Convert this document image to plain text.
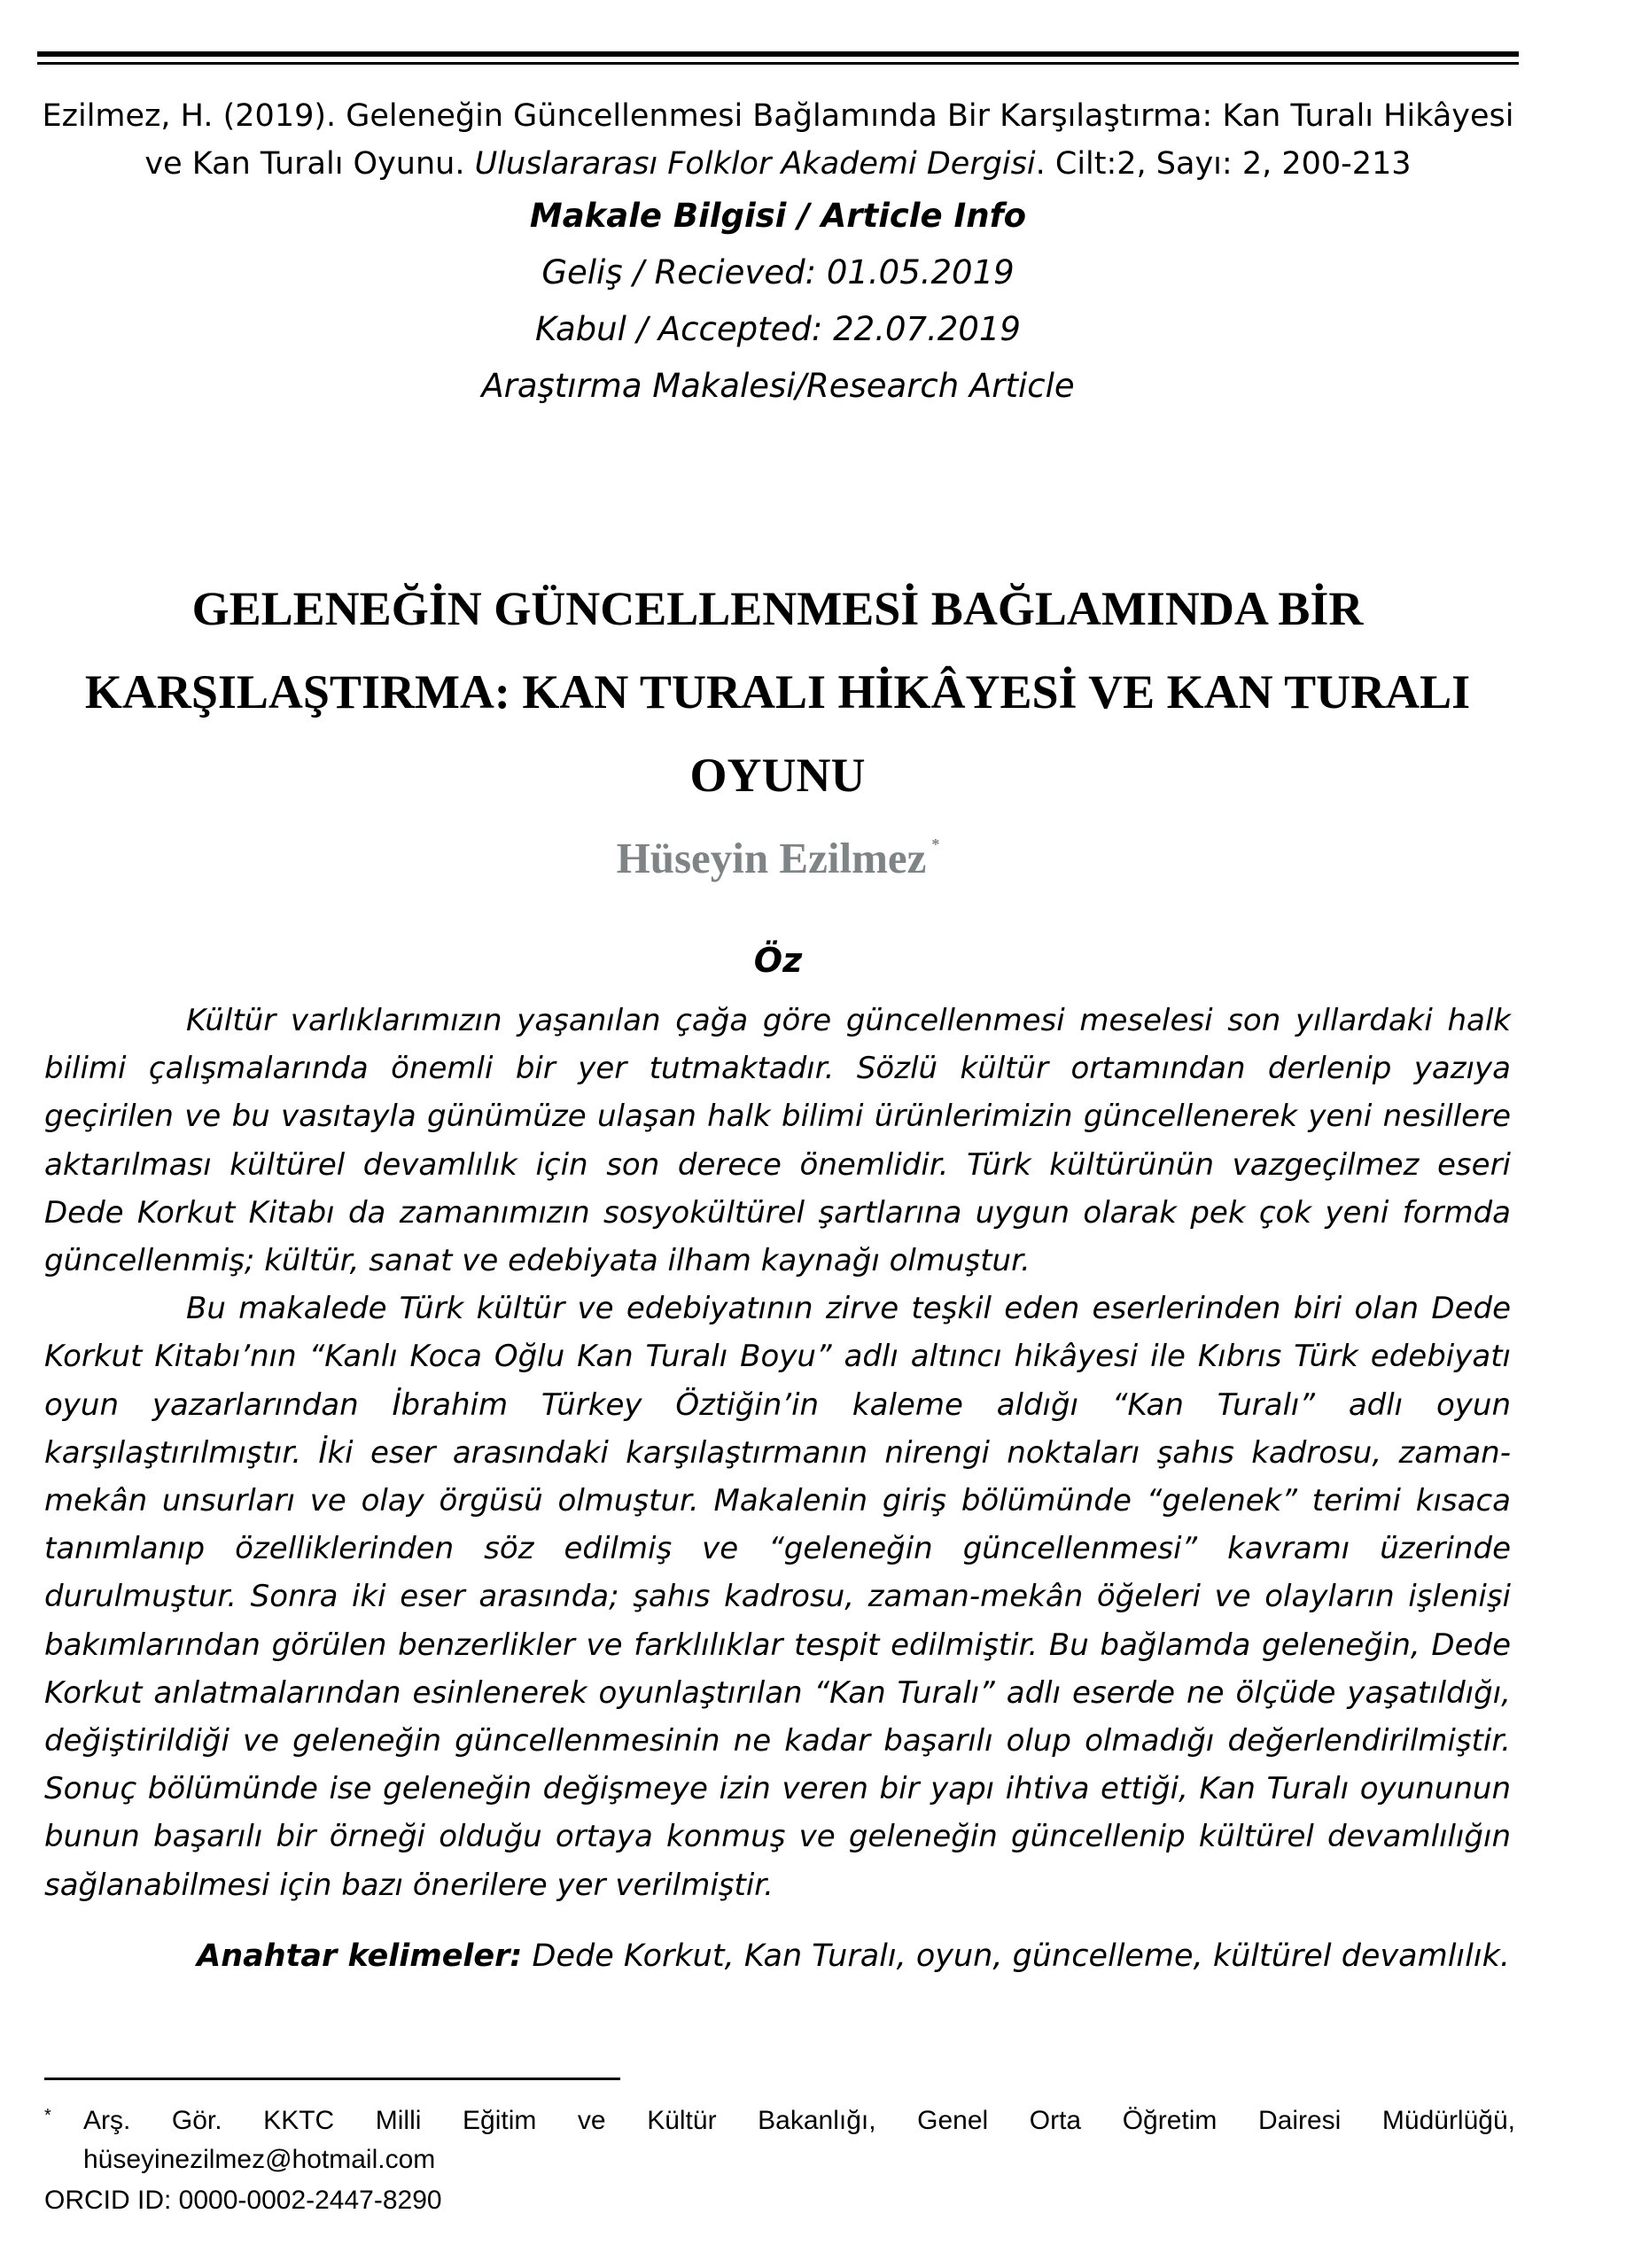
Ezilmez, H. (2019). Geleneğin Güncellenmesi Bağlamında Bir Karşılaştırma: Kan Turalı Hikâyesi ve Kan Turalı Oyunu. Uluslararası Folklor Akademi Dergisi. Cilt:2, Sayı: 2, 200-213
Makale Bilgisi / Article Info
Geliş / Recieved: 01.05.2019
Kabul / Accepted: 22.07.2019
Araştırma Makalesi/Research Article
GELENEĞİN GÜNCELLENMESİ BAĞLAMINDA BİR KARŞILAŞTIRMA: KAN TURALI HİKÂYESİ VE KAN TURALI OYUNU
Hüseyin Ezilmez *
Öz

Kültür varlıklarımızın yaşanılan çağa göre güncellenmesi meselesi son yıllardaki halk bilimi çalışmalarında önemli bir yer tutmaktadır. Sözlü kültür ortamından derlenip yazıya geçirilen ve bu vasıtayla günümüze ulaşan halk bilimi ürünlerimizin güncellenerek yeni nesillere aktarılması kültürel devamlılık için son derece önemlidir. Türk kültürünün vazgeçilmez eseri Dede Korkut Kitabı da zamanımızın sosyokültürel şartlarına uygun olarak pek çok yeni formda güncellenmiş; kültür, sanat ve edebiyata ilham kaynağı olmuştur.

Bu makalede Türk kültür ve edebiyatının zirve teşkil eden eserlerinden biri olan Dede Korkut Kitabı’nın “Kanlı Koca Oğlu Kan Turalı Boyu” adlı altıncı hikâyesi ile Kıbrıs Türk edebiyatı oyun yazarlarından İbrahim Türkey Öztiğin’in kaleme aldığı “Kan Turalı” adlı oyun karşılaştırılmıştır. İki eser arasındaki karşılaştırmanın nirengi noktaları şahıs kadrosu, zaman-mekân unsurları ve olay örgüsü olmuştur. Makalenin giriş bölümünde “gelenek” terimi kısaca tanımlanıp özelliklerinden söz edilmiş ve “geleneğin güncellenmesi” kavramı üzerinde durulmuştur. Sonra iki eser arasında; şahıs kadrosu, zaman-mekân öğeleri ve olayların işlenişi bakımlarından görülen benzerlikler ve farklılıklar tespit edilmiştir. Bu bağlamda geleneğin, Dede Korkut anlatmalarından esinlenerek oyunlaştırılan “Kan Turalı” adlı eserde ne ölçüde yaşatıldığı, değiştirildiği ve geleneğin güncellenmesinin ne kadar başarılı olup olmadığı değerlendirilmiştir. Sonuç bölümünde ise geleneğin değişmeye izin veren bir yapı ihtiva ettiği, Kan Turalı oyununun bunun başarılı bir örneği olduğu ortaya konmuş ve geleneğin güncellenip kültürel devamlılığın sağlanabilmesi için bazı önerilere yer verilmiştir.

Anahtar kelimeler: Dede Korkut, Kan Turalı, oyun, güncelleme, kültürel devamlılık.
*	Arş. Gör. KKTC Milli Eğitim ve Kültür Bakanlığı, Genel Orta Öğretim Dairesi Müdürlüğü,
hüseyinezilmez@hotmail.com
ORCID ID: 0000-0002-2447-8290
